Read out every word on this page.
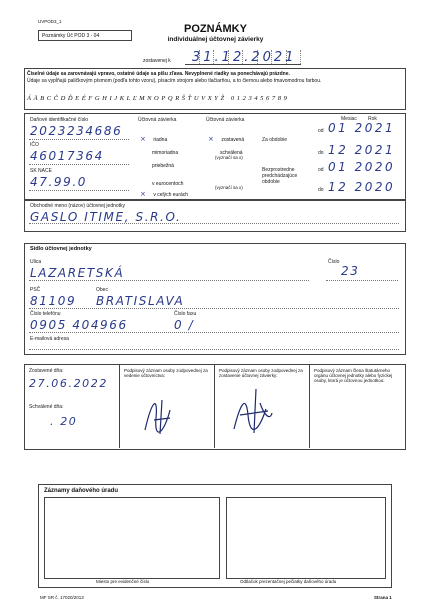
UVPOD3_1
Poznámky Úč POD 3 - 04
POZNÁMKY
individuálnej účtovnej závierky
zostavenej k 31.12.2021
Číselné údaje sa zarovnávajú vpravo, ostatné údaje sa píšu zľava. Nevyplnené riadky sa ponechávajú prázdne.
Údaje sa vypĺňajú paličkovým písmom (podľa tohto vzoru), písacím strojom alebo tlačiarňou, a to čiernou alebo tmavomodrou farbou.
ÁÄBCČDĎEÉFGHIJKLĽMNOPQRŠŤUVXYŽ 0123456789
Daňové identifikačné číslo
2023234686
IČO
46017364
SK NACE
47.99.0
Účtovná závierka
× riadna
mimoriadna
priebežná
(vyznačí sa x)
Účtovná závierka
× zostavená
schválená
v eurocentoch
× v celých eurách
(vyznačí sa x)
Mesiac Rok
Za obdobie
od 01 2021
do 12 2021
Bezprostredne predchádzajúce obdobie
od 01 2020
do 12 2020
Obchodné meno (názov) účtovnej jednotky
GASLO ITIME, S.R.O.
Sídlo účtovnej jednotky
Ulica
LAZARETSKÁ
Číslo
23
PSČ
81109
Obec
BRATISLAVA
Číslo telefónu
0905 404966
Číslo faxu
0 /
E-mailová adresa
Zostavené dňa:
27.06.2022
Schválené dňa:
. 20
Podpisový záznam osoby zodpovednej za vedenie účtovníctva:
Podpisový záznam osoby zodpovednej za zostavenie účtovnej závierky:
Podpisový záznam člena štatutárneho orgánu účtovnej jednotky alebo fyzickej osoby, ktorá je účtovnou jednotkou:
Záznamy daňového úradu
Miesto pre evidenčné číslo	Odtlačok prezentačnej pečiatky daňového úradu
MF SR č. 17020/2013	Strana 1
